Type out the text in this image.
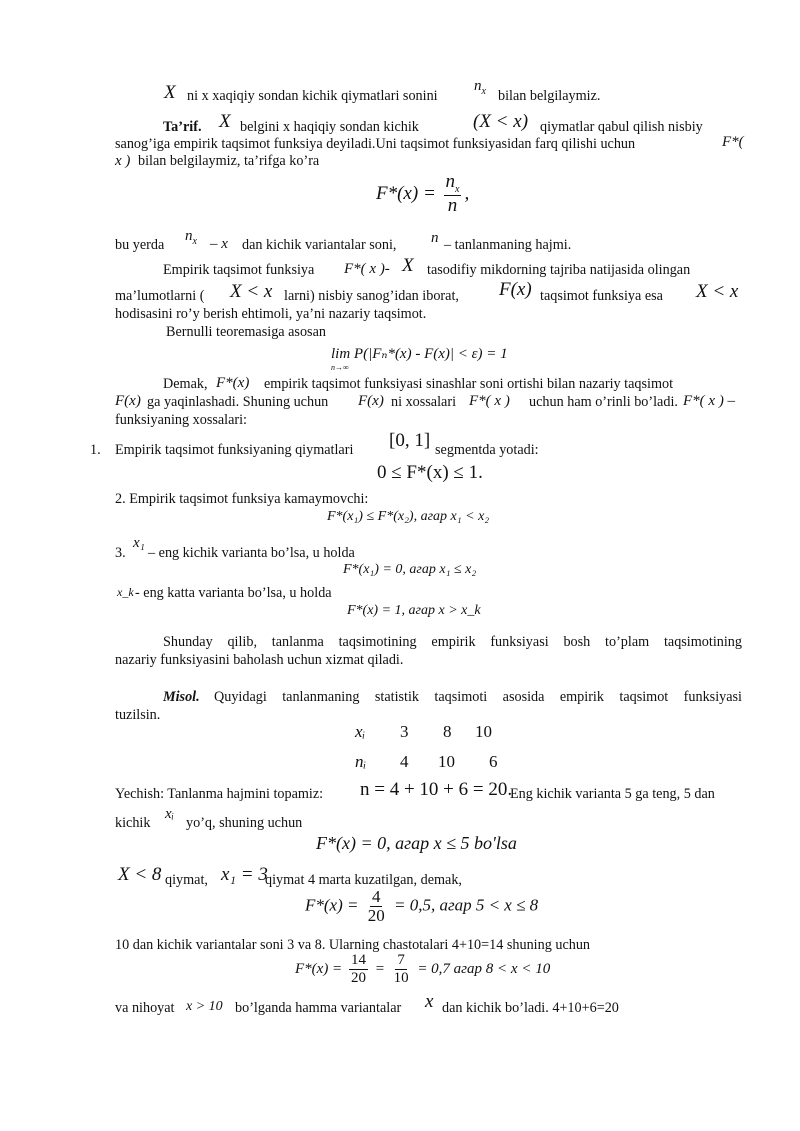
X ni x xaqiqiy sondan kichik qiymatlari sonini
$n_x$ bilan belgilaymiz.
Ta’rif. X belgini x haqiqiy sondan kichik	(X < x) qiymatlar qabul qilish nisbiy
sanog’iga empirik taqsimot funksiya deyiladi.Uni taqsimot funksiyasidan farq qilishi uchun	F*(
x ) bilan belgilaymiz, ta’rifga ko’ra
$F*(x) = \frac{n_x}{n}$ ,
bu yerda
$n_x$ – x dan kichik variantalar soni, n – tanlanmaning hajmi.
Empirik taqsimot funksiya F*( x )- X tasodifiy mikdorning tajriba natijasida olingan
ma’lumotlarni ( X < x larni) nisbiy sanog’idan iborat, F(x) taqsimot funksiya esa X < x
hodisasini ro’y berish ehtimoli, ya’ni nazariy taqsimot.
Bernulli teoremasiga asosan
lim P(|Fₙ*(x) - F(x)| < ε) = 1
n→∞
Demak, F*(x) empirik taqsimot funksiyasi sinashlar soni ortishi bilan nazariy taqsimot
F(x) ga yaqinlashadi. Shuning uchun F(x) ni xossalari F*( x ) uchun ham o’rinli bo’ladi. F*( x ) –
funksiyaning xossalari:
1. Empirik taqsimot funksiyaning qiymatlari [0, 1] segmentda yotadi:
0 ≤ F*(x) ≤ 1.
2. Empirik taqsimot funksiya kamaymovchi:
F*(x₁) ≤ F*(x₂), агар x₁ < x₂
3.
x₁
– eng kichik varianta bo’lsa, u holda
F*(x₁) = 0, агар x₁ ≤ x₂
x_k - eng katta varianta bo’lsa, u holda
F*(x) = 1, агар x > x_k
Shunday qilib, tanlanma taqsimotining empirik funksiyasi bosh to’plam taqsimotining
nazariy funksiyasini baholash uchun xizmat qiladi.
Misol. Quyidagi tanlanmaning statistik taqsimoti asosida empirik taqsimot funksiyasi
tuzilsin.
xᵢ 3 8 10
nᵢ 4 10 6
Yechish: Tanlanma hajmini topamiz: n = 4 + 10 + 6 = 20.
Eng kichik varianta 5 ga teng, 5 dan
kichik
xᵢ
yo’q, shuning uchun
F*(x) = 0, агар x ≤ 5 bo'lsa
X < 8 qiymat, x₁ = 3
qiymat 4 marta kuzatilgan, demak,
$F*(x) = \frac{4}{20} = 0,5$, агар 5 < x ≤ 8
10 dan kichik variantalar soni 3 va 8. Ularning chastotalari 4+10=14 shuning uchun
$F*(x) = \frac{14}{20} = \frac{7}{10} = 0,7$ агар 8 < x < 10
va nihoyat x > 10 bo’lganda hamma variantalar x dan kichik bo’ladi. 4+10+6=20
